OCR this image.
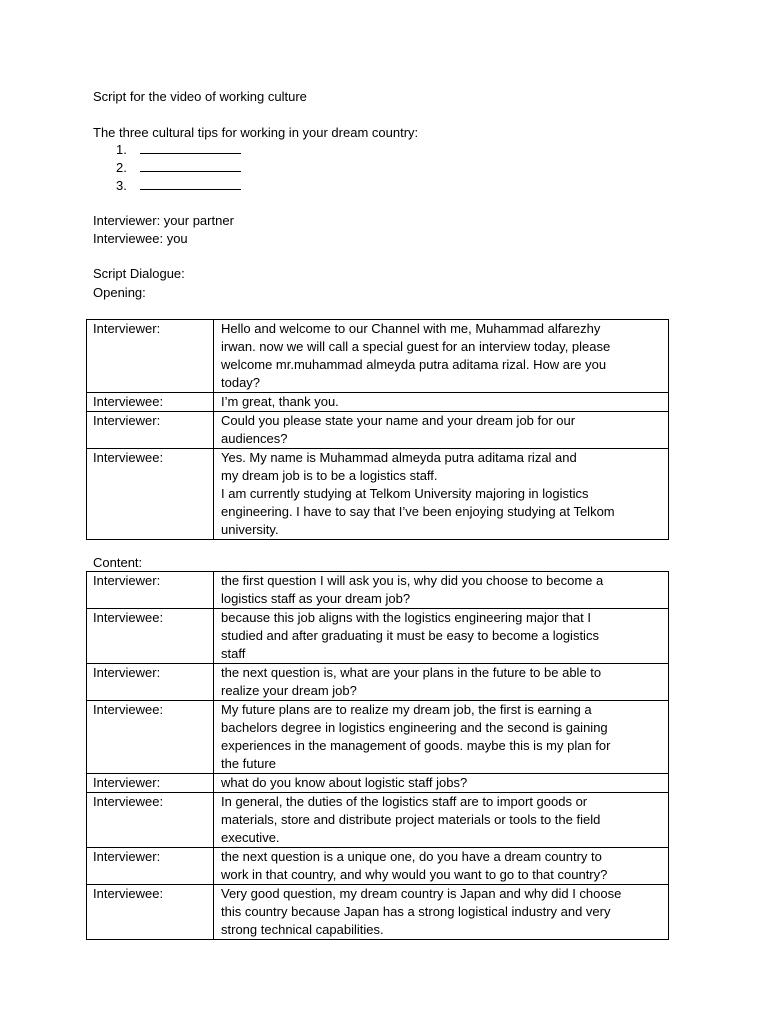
Script for the video of working culture
The three cultural tips for working in your dream country:
1.
2.
3.
Interviewer: your partner
Interviewee: you
Script Dialogue:
Opening:
Interviewer:	Hello and welcome to our Channel with me, Muhammad alfarezhy
irwan. now we will call a special guest for an interview today, please
welcome mr.muhammad almeyda putra aditama rizal. How are you
today?

Interviewee:	I’m great, thank you.

Interviewer:	Could you please state your name and your dream job for our
audiences?

Interviewee:	Yes. My name is Muhammad almeyda putra aditama rizal and
my dream job is to be a logistics staff.
I am currently studying at Telkom University majoring in logistics
engineering. I have to say that I’ve been enjoying studying at Telkom
university.
Content:
Interviewer:	the first question I will ask you is, why did you choose to become a
logistics staff as your dream job?

Interviewee:	because this job aligns with the logistics engineering major that I
studied and after graduating it must be easy to become a logistics
staff

Interviewer:	the next question is, what are your plans in the future to be able to
realize your dream job?

Interviewee:	My future plans are to realize my dream job, the first is earning a
bachelors degree in logistics engineering and the second is gaining
experiences in the management of goods. maybe this is my plan for
the future

Interviewer:	what do you know about logistic staff jobs?

Interviewee:	In general, the duties of the logistics staff are to import goods or
materials, store and distribute project materials or tools to the field
executive.

Interviewer:	the next question is a unique one, do you have a dream country to
work in that country, and why would you want to go to that country?

Interviewee:	Very good question, my dream country is Japan and why did I choose
this country because Japan has a strong logistical industry and very
strong technical capabilities.
